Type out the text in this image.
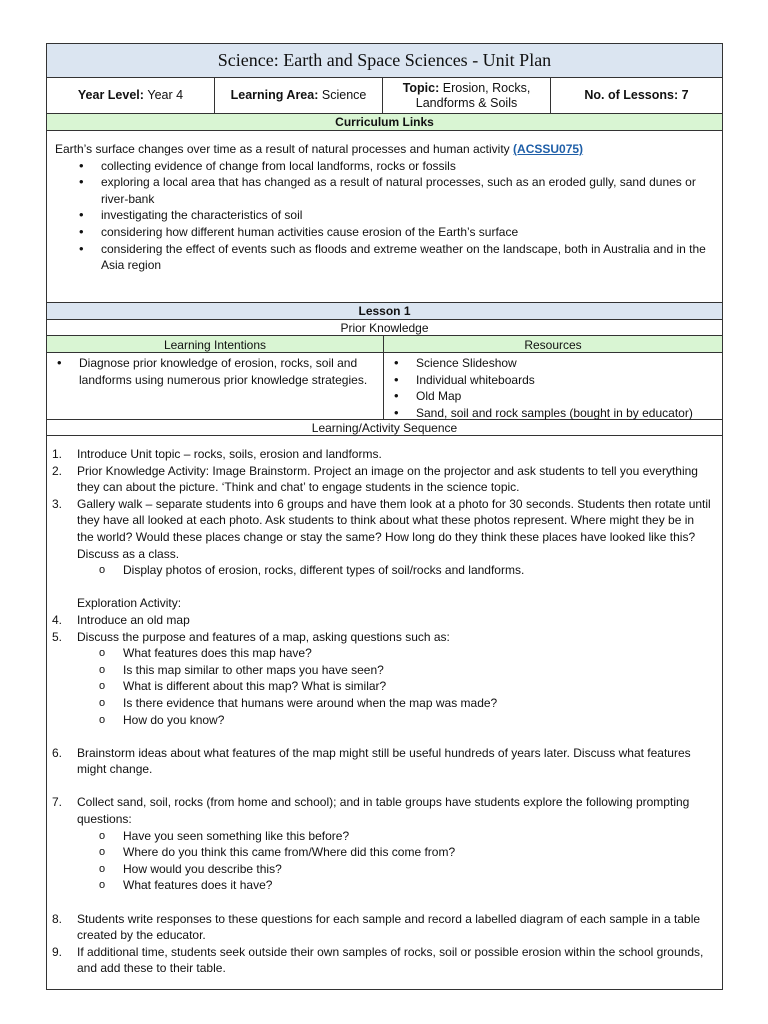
Science: Earth and Space Sciences - Unit Plan
Year Level: Year 4	Learning Area: Science
Topic: Erosion, Rocks,
Landforms & Soils
No. of Lessons: 7
Curriculum Links
Earth’s surface changes over time as a result of natural processes and human activity (ACSSU075)
• collecting evidence of change from local landforms, rocks or fossils
• exploring a local area that has changed as a result of natural processes, such as an eroded gully, sand dunes or river-bank
• investigating the characteristics of soil
• considering how different human activities cause erosion of the Earth’s surface
• considering the effect of events such as floods and extreme weather on the landscape, both in Australia and in the Asia region
Lesson 1
Prior Knowledge
Learning Intentions	Resources
• Diagnose prior knowledge of erosion, rocks, soil and landforms using numerous prior knowledge strategies.
• Science Slideshow
• Individual whiteboards
• Old Map
• Sand, soil and rock samples (bought in by educator)
Learning/Activity Sequence
1. Introduce Unit topic – rocks, soils, erosion and landforms.
2. Prior Knowledge Activity: Image Brainstorm. Project an image on the projector and ask students to tell you everything they can about the picture. ‘Think and chat’ to engage students in the science topic.
3. Gallery walk – separate students into 6 groups and have them look at a photo for 30 seconds. Students then rotate until they have all looked at each photo. Ask students to think about what these photos represent. Where might they be in the world? Would these places change or stay the same? How long do they think these places have looked like this? Discuss as a class.
o Display photos of erosion, rocks, different types of soil/rocks and landforms.
Exploration Activity:
4. Introduce an old map
5. Discuss the purpose and features of a map, asking questions such as:
o What features does this map have?
o Is this map similar to other maps you have seen?
o What is different about this map? What is similar?
o Is there evidence that humans were around when the map was made?
o How do you know?
6. Brainstorm ideas about what features of the map might still be useful hundreds of years later. Discuss what features might change.
7. Collect sand, soil, rocks (from home and school); and in table groups have students explore the following prompting questions:
o Have you seen something like this before?
o Where do you think this came from/Where did this come from?
o How would you describe this?
o What features does it have?
8. Students write responses to these questions for each sample and record a labelled diagram of each sample in a table created by the educator.
9. If additional time, students seek outside their own samples of rocks, soil or possible erosion within the school grounds, and add these to their table.
